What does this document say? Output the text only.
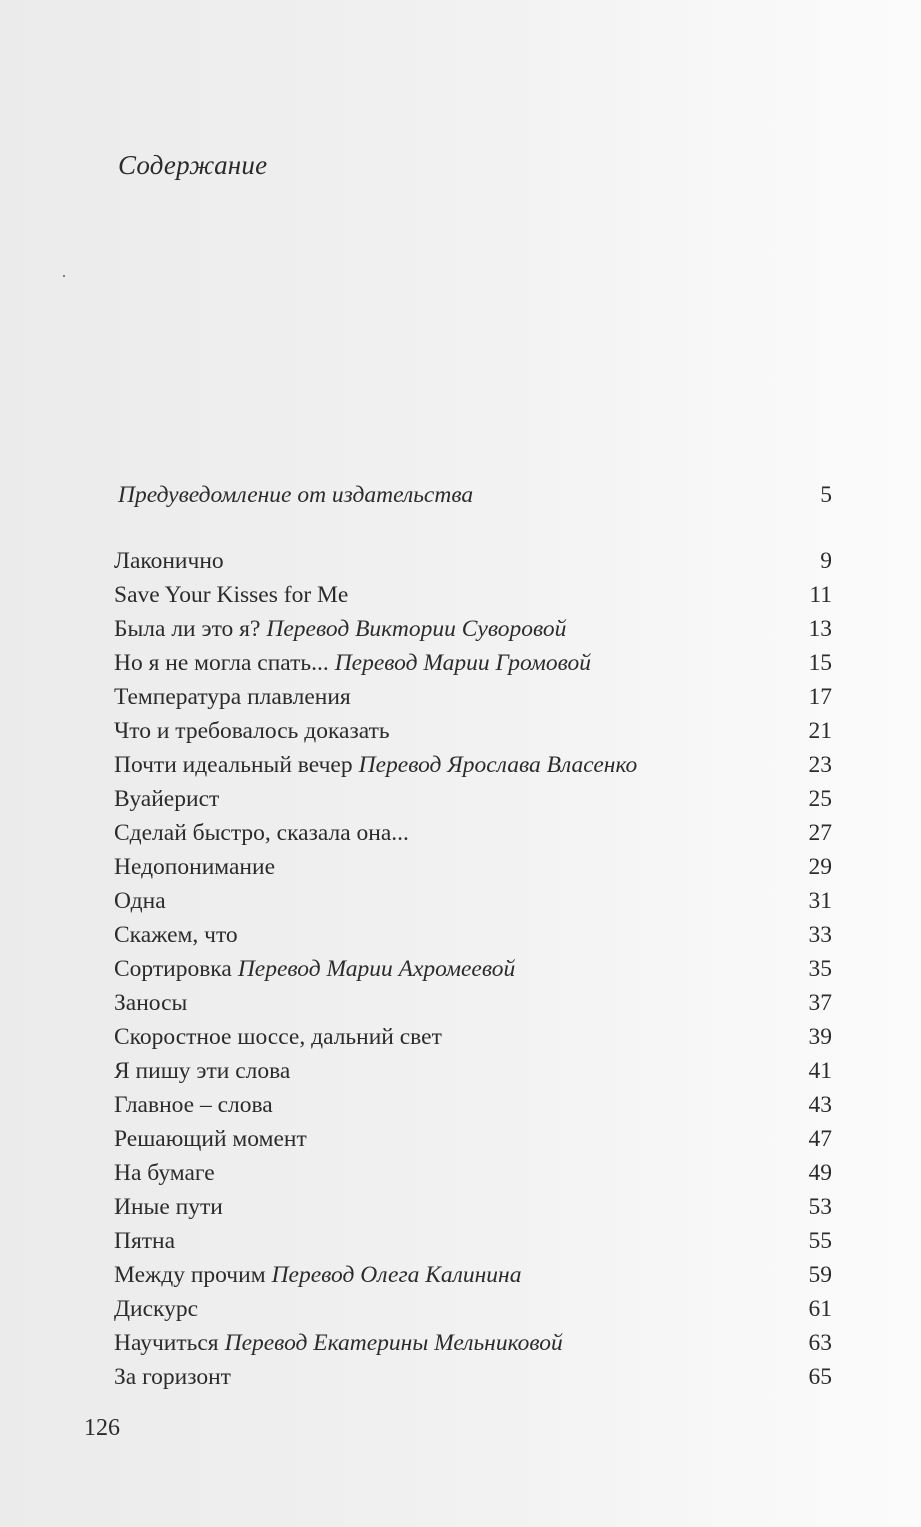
Содержание
Предуведомление от издательства	5
Лаконично	9
Save Your Kisses for Me	11
Была ли это я? Перевод Виктории Суворовой	13
Но я не могла спать... Перевод Марии Громовой	15
Температура плавления	17
Что и требовалось доказать	21
Почти идеальный вечер Перевод Ярослава Власенко	23
Вуайерист	25
Сделай быстро, сказала она...	27
Недопонимание	29
Одна	31
Скажем, что	33
Сортировка Перевод Марии Ахромеевой	35
Заносы	37
Скоростное шоссе, дальний свет	39
Я пишу эти слова	41
Главное – слова	43
Решающий момент	47
На бумаге	49
Иные пути	53
Пятна	55
Между прочим Перевод Олега Калинина	59
Дискурс	61
Научиться Перевод Екатерины Мельниковой	63
За горизонт	65
126
